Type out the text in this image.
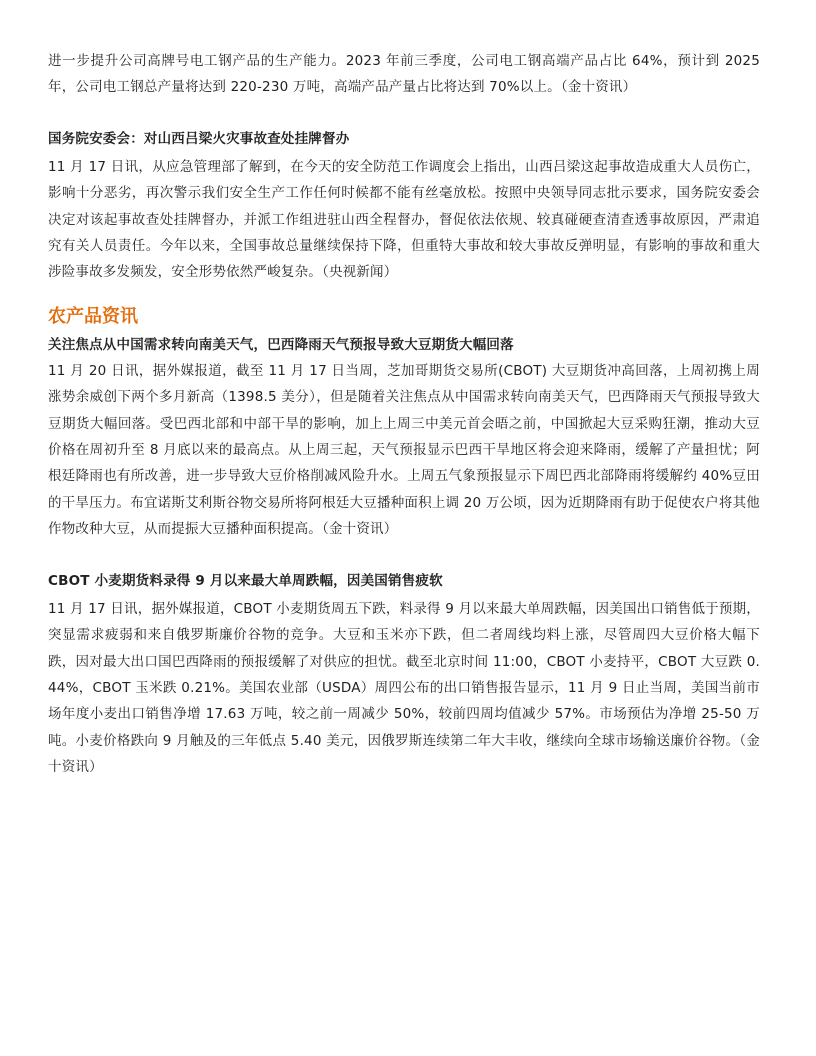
进一步提升公司高牌号电工钢产品的生产能力。2023 年前三季度，公司电工钢高端产品占比 64%，预计到 2025 年，公司电工钢总产量将达到 220-230 万吨，高端产品产量占比将达到 70%以上。（金十资讯）

国务院安委会：对山西吕梁火灾事故查处挂牌督办

11 月 17 日讯，从应急管理部了解到，在今天的安全防范工作调度会上指出，山西吕梁这起事故造成重大人员伤亡，影响十分恶劣，再次警示我们安全生产工作任何时候都不能有丝毫放松。按照中央领导同志批示要求，国务院安委会决定对该起事故查处挂牌督办，并派工作组进驻山西全程督办，督促依法依规、较真碰硬查清查透事故原因，严肃追究有关人员责任。今年以来，全国事故总量继续保持下降，但重特大事故和较大事故反弹明显，有影响的事故和重大涉险事故多发频发，安全形势依然严峻复杂。（央视新闻）

农产品资讯
关注焦点从中国需求转向南美天气，巴西降雨天气预报导致大豆期货大幅回落

11 月 20 日讯，据外媒报道，截至 11 月 17 日当周，芝加哥期货交易所(CBOT) 大豆期货冲高回落，上周初携上周涨势余威创下两个多月新高（1398.5 美分），但是随着关注焦点从中国需求转向南美天气，巴西降雨天气预报导致大豆期货大幅回落。受巴西北部和中部干旱的影响，加上上周三中美元首会晤之前，中国掀起大豆采购狂潮，推动大豆价格在周初升至 8 月底以来的最高点。从上周三起，天气预报显示巴西干旱地区将会迎来降雨，缓解了产量担忧；阿根廷降雨也有所改善，进一步导致大豆价格削减风险升水。上周五气象预报显示下周巴西北部降雨将缓解约 40%豆田的干旱压力。布宜诺斯艾利斯谷物交易所将阿根廷大豆播种面积上调 20 万公顷，因为近期降雨有助于促使农户将其他作物改种大豆，从而提振大豆播种面积提高。（金十资讯）

CBOT 小麦期货料录得 9 月以来最大单周跌幅，因美国销售疲软

11 月 17 日讯，据外媒报道，CBOT 小麦期货周五下跌，料录得 9 月以来最大单周跌幅，因美国出口销售低于预期，突显需求疲弱和来自俄罗斯廉价谷物的竞争。大豆和玉米亦下跌，但二者周线均料上涨，尽管周四大豆价格大幅下跌，因对最大出口国巴西降雨的预报缓解了对供应的担忧。截至北京时间 11:00，CBOT 小麦持平，CBOT 大豆跌 0.44%，CBOT 玉米跌 0.21%。美国农业部（USDA）周四公布的出口销售报告显示，11 月 9 日止当周，美国当前市场年度小麦出口销售净增 17.63 万吨，较之前一周减少 50%，较前四周均值减少 57%。市场预估为净增 25-50 万吨。小麦价格跌向 9 月触及的三年低点 5.40 美元，因俄罗斯连续第二年大丰收，继续向全球市场输送廉价谷物。（金十资讯）
